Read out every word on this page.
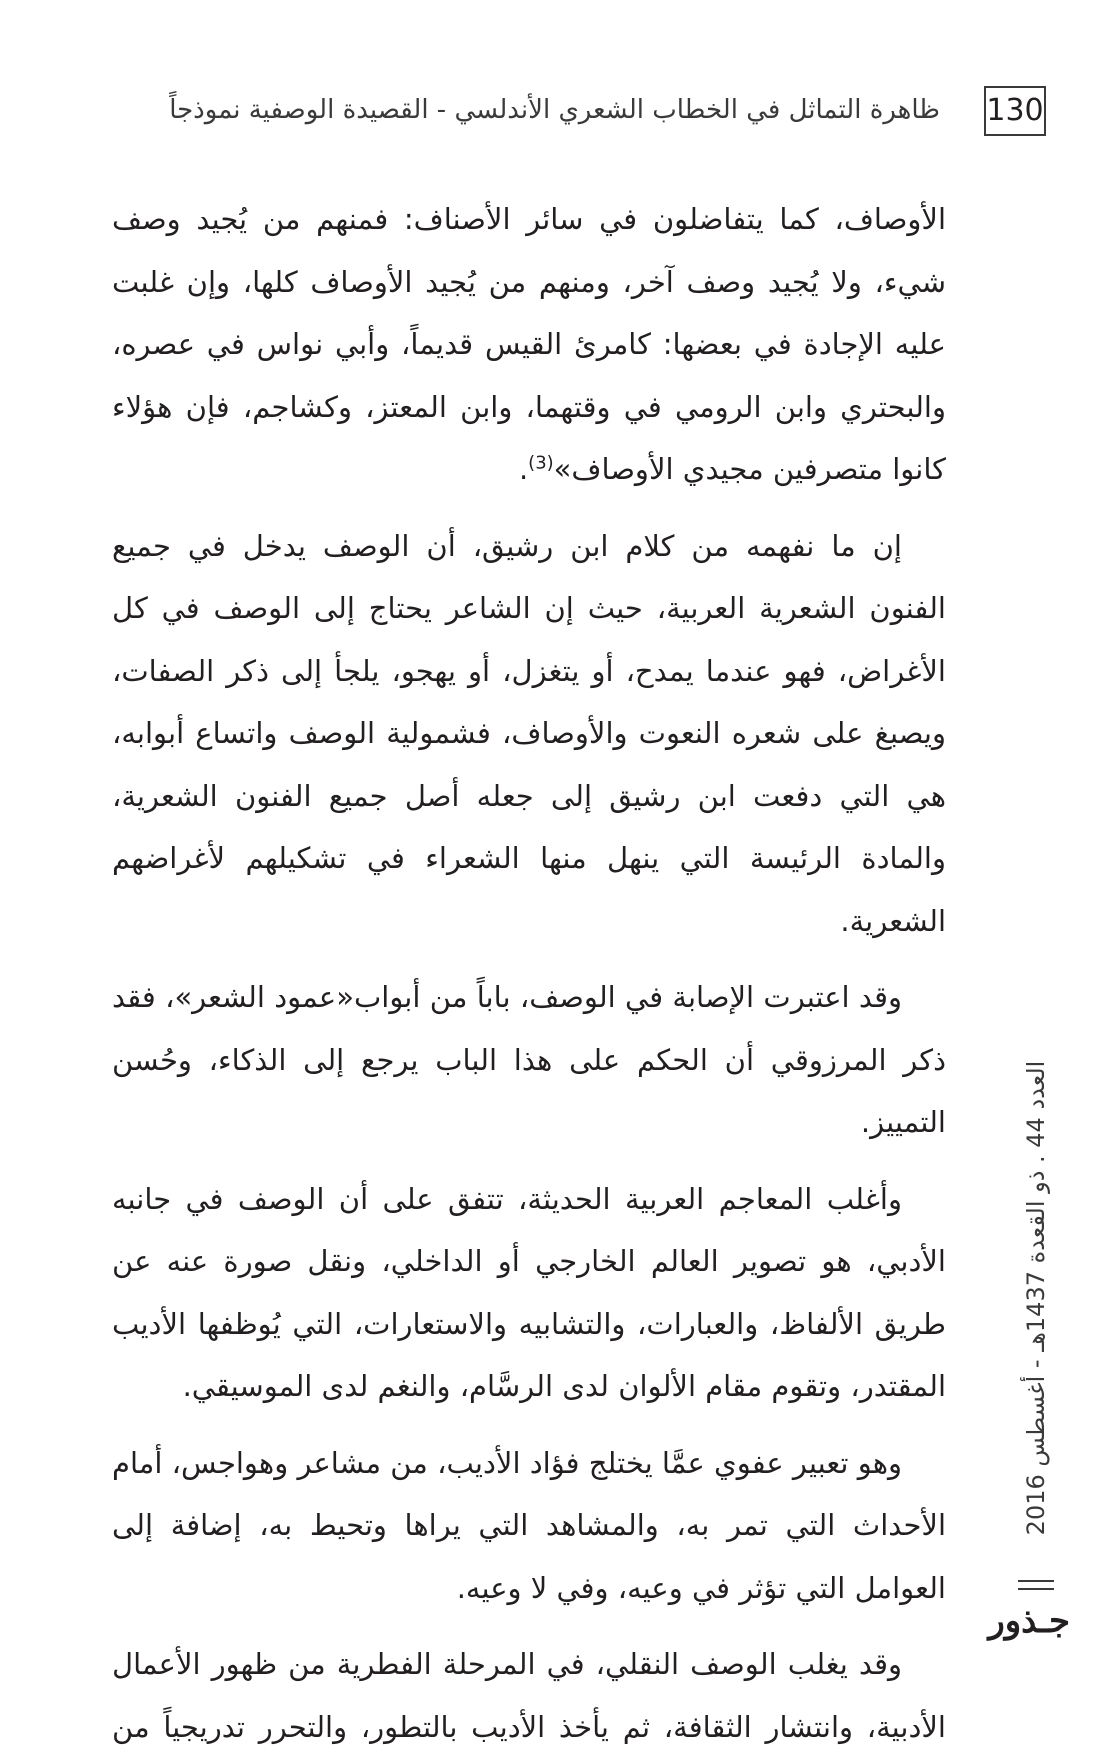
130
ظاهرة التماثل في الخطاب الشعري الأندلسي - القصيدة الوصفية نموذجاً

الأوصاف، كما يتفاضلون في سائر الأصناف: فمنهم من يُجيد وصف شيء، ولا يُجيد وصف آخر، ومنهم من يُجيد الأوصاف كلها، وإن غلبت عليه الإجادة في بعضها: كامرئ القيس قديماً، وأبي نواس في عصره، والبحتري وابن الرومي في وقتهما، وابن المعتز، وكشاجم، فإن هؤلاء كانوا متصرفين مجيدي الأوصاف»$^{(3)}$.

إن ما نفهمه من كلام ابن رشيق، أن الوصف يدخل في جميع الفنون الشعرية العربية، حيث إن الشاعر يحتاج إلى الوصف في كل الأغراض، فهو عندما يمدح، أو يتغزل، أو يهجو، يلجأ إلى ذكر الصفات، ويصبغ على شعره النعوت والأوصاف، فشمولية الوصف واتساع أبوابه، هي التي دفعت ابن رشيق إلى جعله أصل جميع الفنون الشعرية، والمادة الرئيسة التي ينهل منها الشعراء في تشكيلهم لأغراضهم الشعرية.

وقد اعتبرت الإصابة في الوصف، باباً من أبواب«عمود الشعر»، فقد ذكر المرزوقي أن الحكم على هذا الباب يرجع إلى الذكاء، وحُسن التمييز.

وأغلب المعاجم العربية الحديثة، تتفق على أن الوصف في جانبه الأدبي، هو تصوير العالم الخارجي أو الداخلي، ونقل صورة عنه عن طريق الألفاظ، والعبارات، والتشابيه والاستعارات، التي يُوظفها الأديب المقتدر، وتقوم مقام الألوان لدى الرسَّام، والنغم لدى الموسيقي.

وهو تعبير عفوي عمَّا يختلج فؤاد الأديب، من مشاعر وهواجس، أمام الأحداث التي تمر به، والمشاهد التي يراها وتحيط به، إضافة إلى العوامل التي تؤثر في وعيه، وفي لا وعيه.

وقد يغلب الوصف النقلي، في المرحلة الفطرية من ظهور الأعمال الأدبية، وانتشار الثقافة، ثم يأخذ الأديب بالتطور، والتحرر تدريجياً من

العدد 44 . ذو القعدة 1437هـ - أغسطس 2016
جـذور
